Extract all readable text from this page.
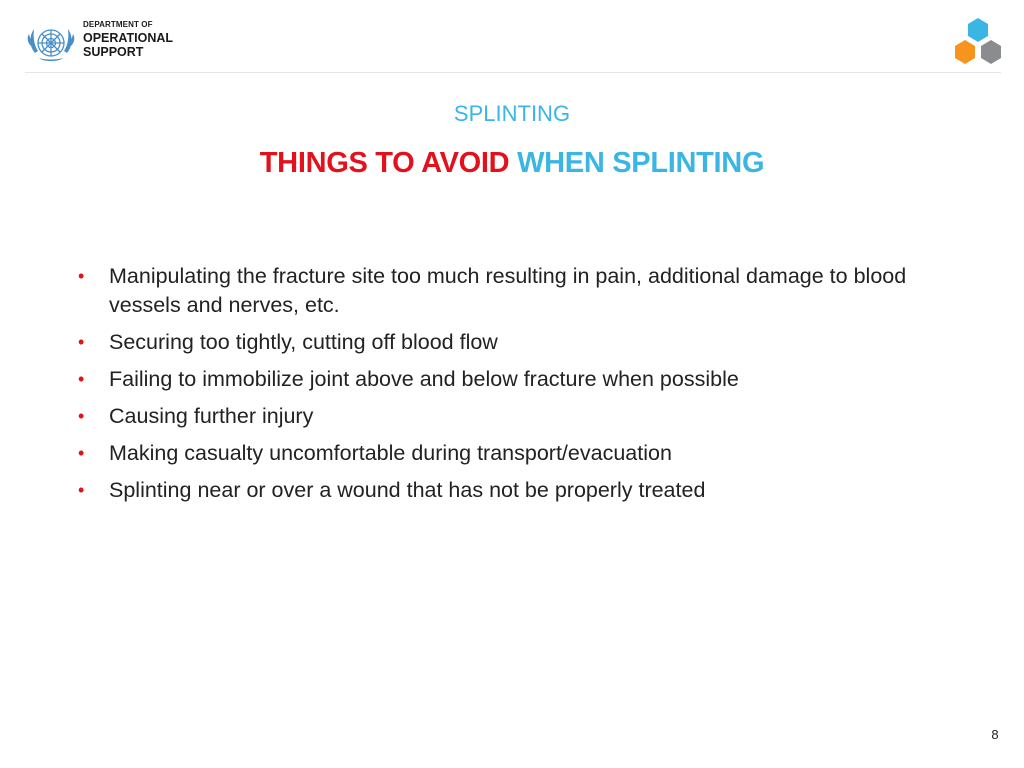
DEPARTMENT OF
OPERATIONAL
SUPPORT
SPLINTING
THINGS TO AVOID WHEN SPLINTING
• Manipulating the fracture site too much resulting in pain, additional damage to blood vessels and nerves, etc.
• Securing too tightly, cutting off blood flow
• Failing to immobilize joint above and below fracture when possible
• Causing further injury
• Making casualty uncomfortable during transport/evacuation
• Splinting near or over a wound that has not be properly treated
8
